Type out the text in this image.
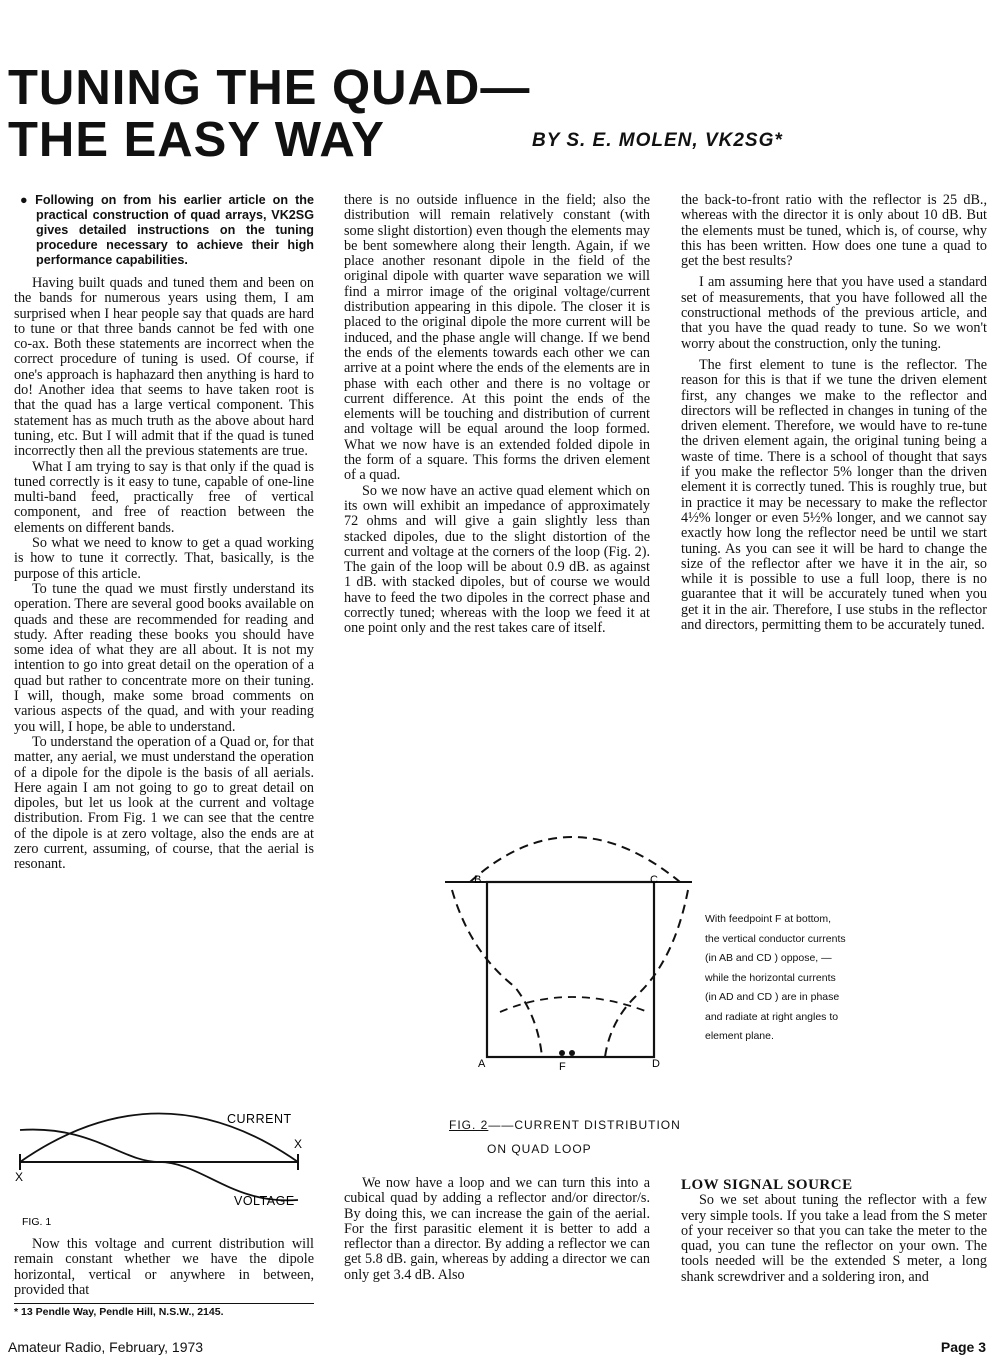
TUNING THE QUAD—
THE EASY WAY	BY S. E. MOLEN, VK2SG*
● Following on from his earlier article on the practical construction of quad arrays, VK2SG gives detailed instructions on the tuning procedure necessary to achieve their high performance capabilities.

Having built quads and tuned them and been on the bands for numerous years using them, I am surprised when I hear people say that quads are hard to tune or that three bands cannot be fed with one co-ax. Both these statements are incorrect when the correct procedure of tuning is used. Of course, if one's approach is haphazard then anything is hard to do! Another idea that seems to have taken root is that the quad has a large vertical component. This statement has as much truth as the above about hard tuning, etc. But I will admit that if the quad is tuned incorrectly then all the previous statements are true.

What I am trying to say is that only if the quad is tuned correctly is it easy to tune, capable of one-line multi-band feed, practically free of vertical component, and free of reaction between the elements on different bands.

So what we need to know to get a quad working is how to tune it correctly. That, basically, is the purpose of this article.

To tune the quad we must firstly understand its operation. There are several good books available on quads and these are recommended for reading and study. After reading these books you should have some idea of what they are all about. It is not my intention to go into great detail on the operation of a quad but rather to concentrate more on their tuning. I will, though, make some broad comments on various aspects of the quad, and with your reading you will, I hope, be able to understand.

To understand the operation of a Quad or, for that matter, any aerial, we must understand the operation of a dipole for the dipole is the basis of all aerials. Here again I am not going to go to great detail on dipoles, but let us look at the current and voltage distribution. From Fig. 1 we can see that the centre of the dipole is at zero voltage, also the ends are at zero current, assuming, of course, that the aerial is resonant.

CURRENT
VOLTAGE
X
X
FIG. 1

Now this voltage and current distribution will remain constant whether we have the dipole horizontal, vertical or anywhere in between, provided that

* 13 Pendle Way, Pendle Hill, N.S.W., 2145.

there is no outside influence in the field; also the distribution will remain relatively constant (with some slight distortion) even though the elements may be bent somewhere along their length. Again, if we place another resonant dipole in the field of the original dipole with quarter wave separation we will find a mirror image of the original voltage/current distribution appearing in this dipole. The closer it is placed to the original dipole the more current will be induced, and the phase angle will change. If we bend the ends of the elements towards each other we can arrive at a point where the ends of the elements are in phase with each other and there is no voltage or current difference. At this point the ends of the elements will be touching and distribution of current and voltage will be equal around the loop formed. What we now have is an extended folded dipole in the form of a square. This forms the driven element of a quad.

So we now have an active quad element which on its own will exhibit an impedance of approximately 72 ohms and will give a gain slightly less than stacked dipoles, due to the slight distortion of the current and voltage at the corners of the loop (Fig. 2). The gain of the loop will be about 0.9 dB. as against 1 dB. with stacked dipoles, but of course we would have to feed the two dipoles in the correct phase and correctly tuned; whereas with the loop we feed it at one point only and the rest takes care of itself.

the back-to-front ratio with the reflector is 25 dB., whereas with the director it is only about 10 dB. But the elements must be tuned, which is, of course, why this has been written. How does one tune a quad to get the best results?

I am assuming here that you have used a standard set of measurements, that you have followed all the constructional methods of the previous article, and that you have the quad ready to tune. So we won't worry about the construction, only the tuning.

The first element to tune is the reflector. The reason for this is that if we tune the driven element first, any changes we make to the reflector and directors will be reflected in changes in tuning of the driven element. Therefore, we would have to re-tune the driven element again, the original tuning being a waste of time. There is a school of thought that says if you make the reflector 5% longer than the driven element it is correctly tuned. This is roughly true, but in practice it may be necessary to make the reflector 4½% longer or even 5½% longer, and we cannot say exactly how long the reflector need be until we start tuning. As you can see it will be hard to change the size of the reflector after we have it in the air, so while it is possible to use a full loop, there is no guarantee that it will be accurately tuned when you get it in the air. Therefore, I use stubs in the reflector and directors, permitting them to be accurately tuned.

B	C
A	D
F
With feedpoint F at bottom,
the vertical conductor currents
(in AB and CD ) oppose, —
while the horizontal currents
(in AD and CD ) are in phase
and radiate at right angles to
element plane.
FIG. 2——CURRENT DISTRIBUTION
ON QUAD LOOP

We now have a loop and we can turn this into a cubical quad by adding a reflector and/or director/s. By doing this, we can increase the gain of the aerial. For the first parasitic element it is better to add a reflector than a director. By adding a reflector we can get 5.8 dB. gain, whereas by adding a director we can only get 3.4 dB. Also

LOW SIGNAL SOURCE

So we set about tuning the reflector with a few very simple tools. If you take a lead from the S meter of your receiver so that you can take the meter to the quad, you can tune the reflector on your own. The tools needed will be the extended S meter, a long shank screwdriver and a soldering iron, and

Amateur Radio, February, 1973	Page 3
